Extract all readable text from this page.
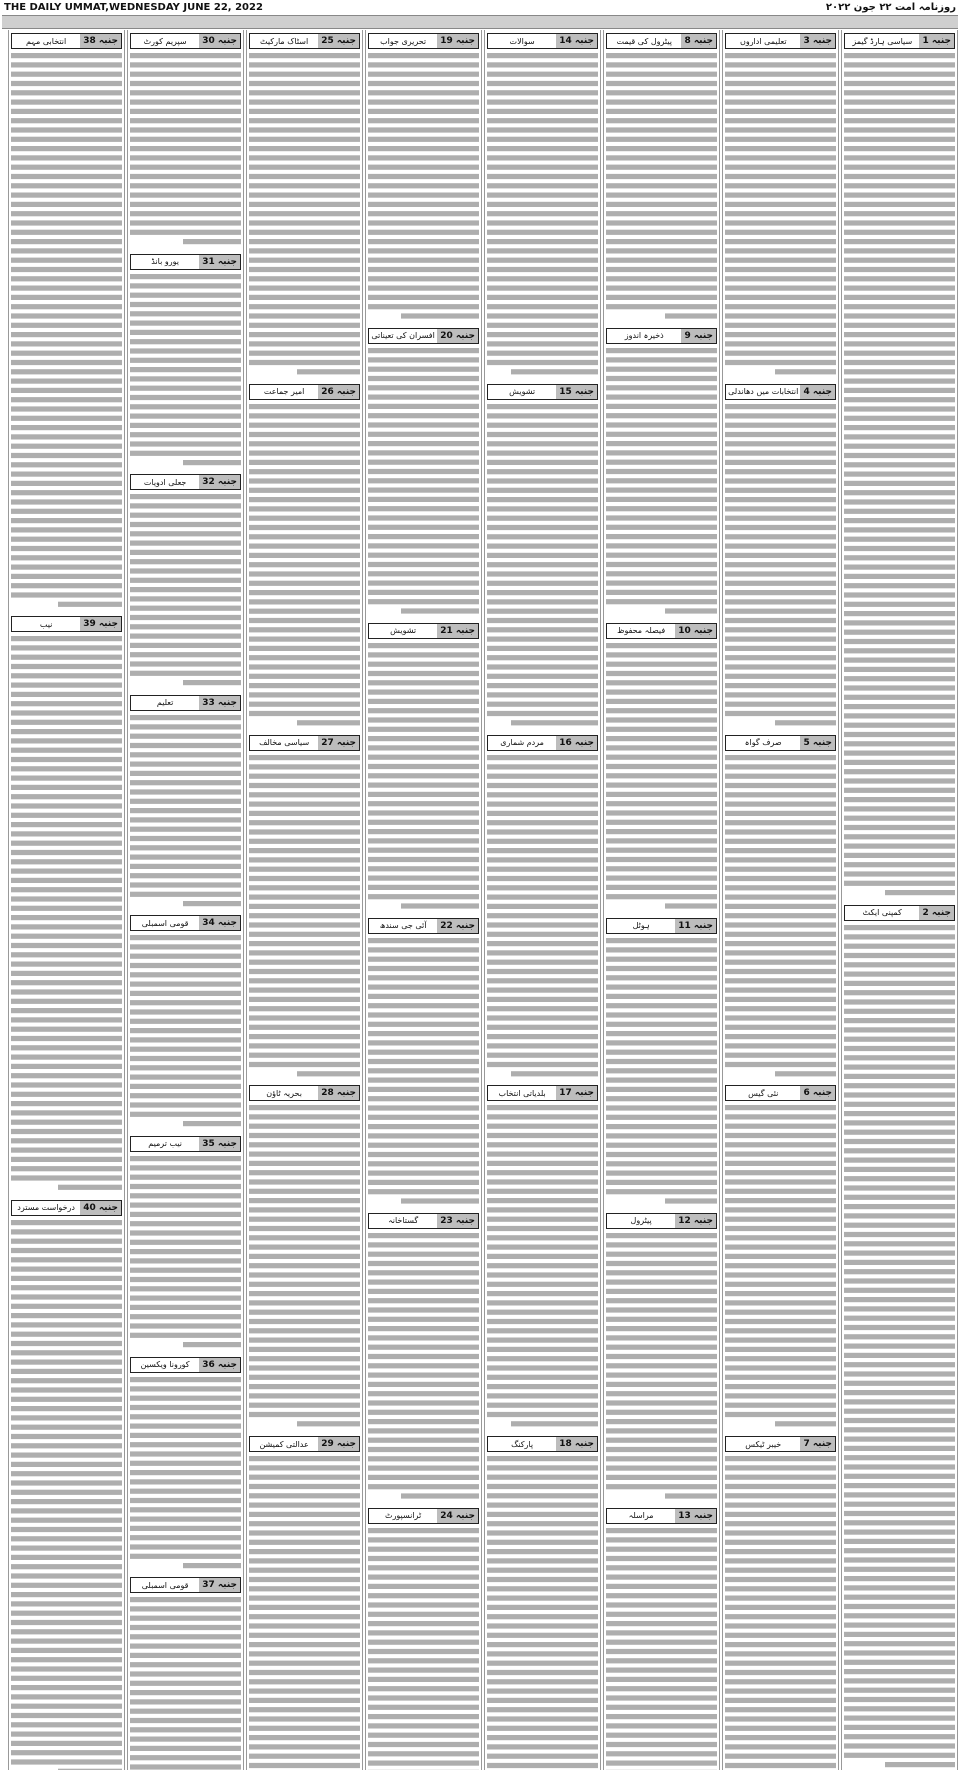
THE DAILY UMMAT,WEDNESDAY JUNE 22, 2022	روزنامہ امت ۲۲ جون ۲۰۲۲
جنبہ 1
سیاسی ہارڈ گیمز
جنبہ 2
کمپنی ایکٹ
جنبہ 3
تعلیمی اداروں
جنبہ 4
انتخابات میں دھاندلی
جنبہ 5
صرف گواہ
جنبہ 6
نئی گیس
جنبہ 7
خیبر ٹیکس
جنبہ 8
پیٹرول کی قیمت
جنبہ 9
ذخیرہ اندوز
جنبہ 10
فیصلہ محفوظ
جنبہ 11
ہوٹل
جنبہ 12
پیٹرول
جنبہ 13
مراسلہ
جنبہ 14
سوالات
جنبہ 15
تشویش
جنبہ 16
مردم شماری
جنبہ 17
بلدیاتی انتخاب
جنبہ 18
پارکنگ
جنبہ 19
تحریری جواب
جنبہ 20
افسران کی تعیناتی
جنبہ 21
تشویش
جنبہ 22
آئی جی سندھ
جنبہ 23
گستاخانہ
جنبہ 24
ٹرانسپورٹ
جنبہ 25
اسٹاک مارکیٹ
جنبہ 26
امیر جماعت
جنبہ 27
سیاسی مخالف
جنبہ 28
بحریہ ٹاؤن
جنبہ 29
عدالتی کمیشن
جنبہ 30
سپریم کورٹ
جنبہ 31
یورو بانڈ
جنبہ 32
جعلی ادویات
جنبہ 33
تعلیم
جنبہ 34
قومی اسمبلی
جنبہ 35
نیب ترمیم
جنبہ 36
کورونا ویکسین
جنبہ 37
قومی اسمبلی
جنبہ 38
انتخابی مہم
جنبہ 39
نیب
جنبہ 40
درخواست مسترد
